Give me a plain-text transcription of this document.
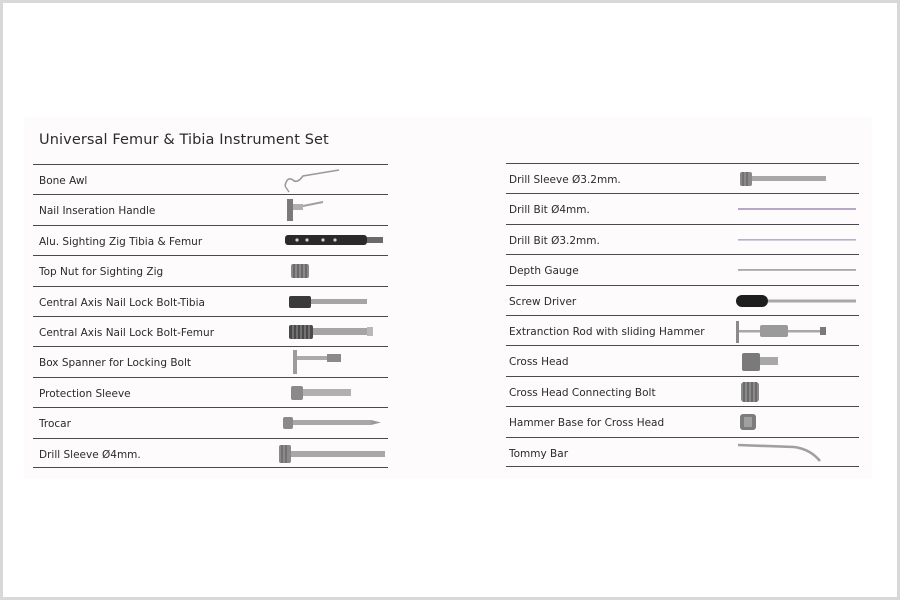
Universal Femur & Tibia Instrument Set
Bone Awl
Nail Inseration Handle
Alu. Sighting Zig Tibia & Femur
Top Nut for Sighting Zig
Central Axis Nail Lock Bolt-Tibia
Central Axis Nail Lock Bolt-Femur
Box Spanner for Locking Bolt
Protection Sleeve
Trocar
Drill Sleeve Ø4mm.
Drill Sleeve Ø3.2mm.
Drill Bit Ø4mm.
Drill Bit Ø3.2mm.
Depth Gauge
Screw Driver
Extranction Rod with sliding Hammer
Cross Head
Cross Head Connecting Bolt
Hammer Base for Cross Head
Tommy Bar
